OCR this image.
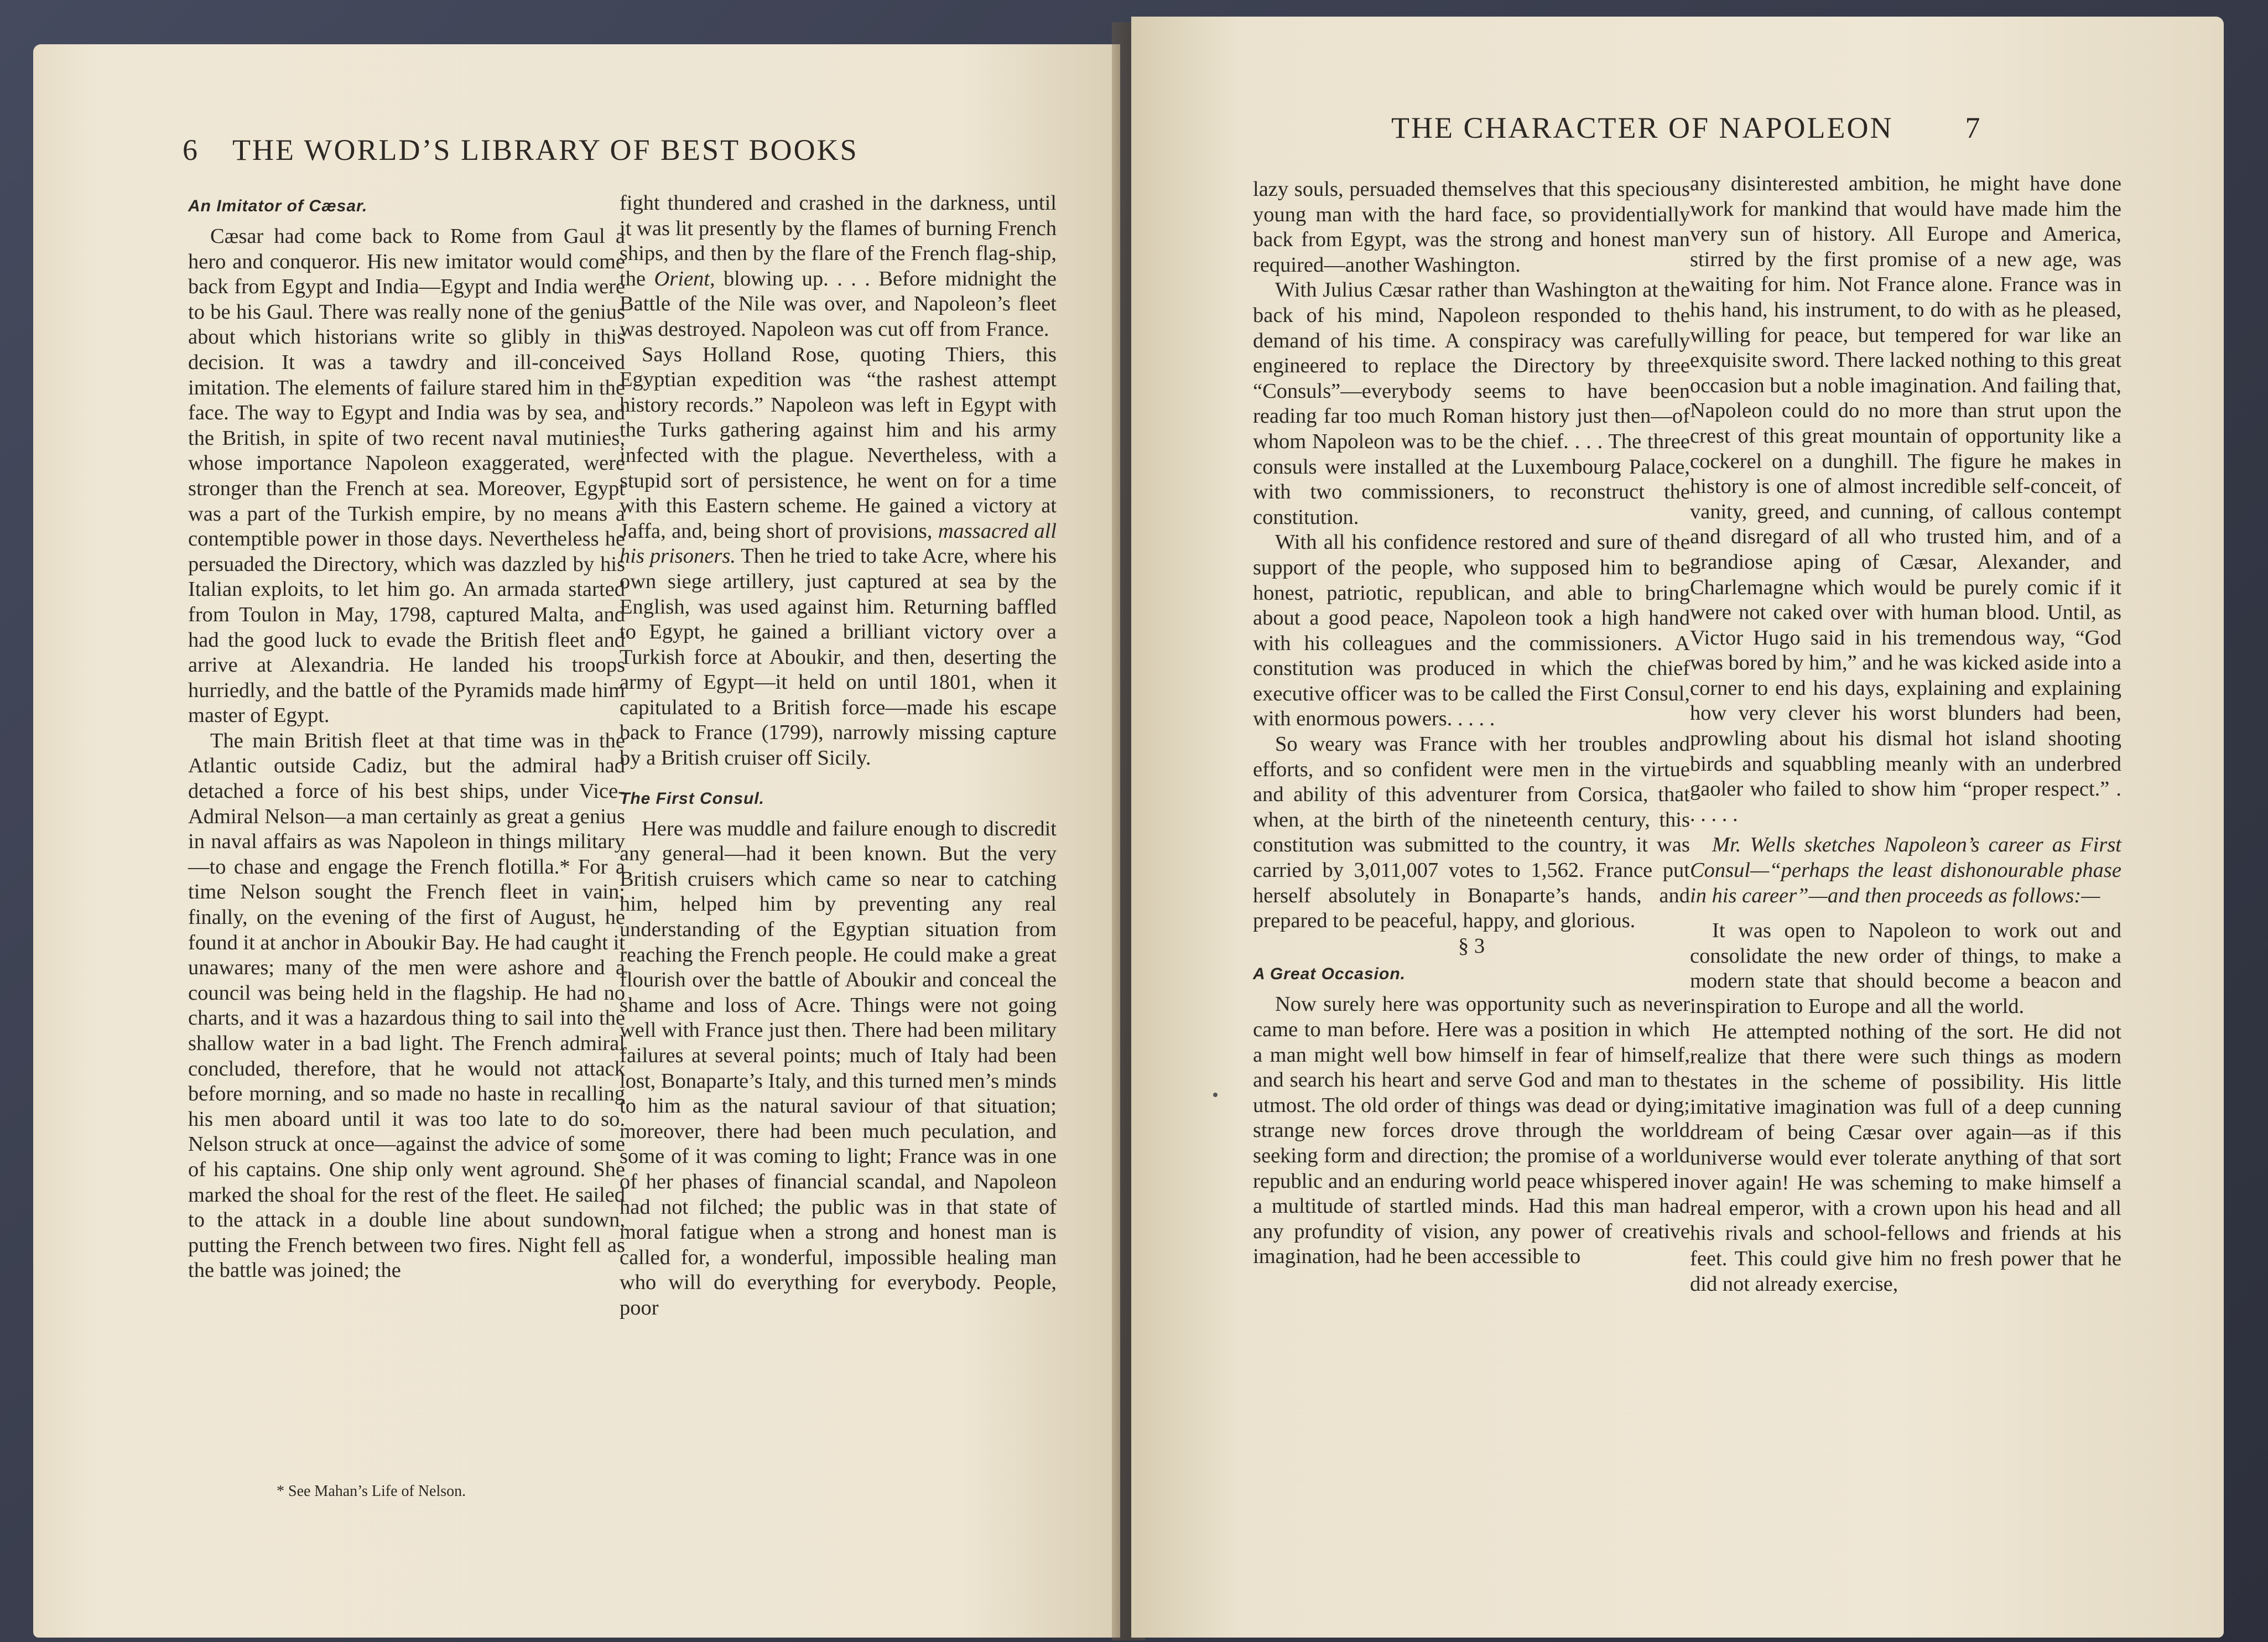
6 THE WORLD’S LIBRARY OF BEST BOOKS
An Imitator of Cæsar.

Cæsar had come back to Rome from Gaul a hero and conqueror. His new imitator would come back from Egypt and India—Egypt and India were to be his Gaul. There was really none of the genius about which historians write so glibly in this decision. It was a tawdry and ill-conceived imitation. The elements of failure stared him in the face. The way to Egypt and India was by sea, and the British, in spite of two recent naval mutinies, whose importance Napoleon exaggerated, were stronger than the French at sea. Moreover, Egypt was a part of the Turkish empire, by no means a contemptible power in those days. Nevertheless he persuaded the Directory, which was dazzled by his Italian exploits, to let him go. An armada started from Toulon in May, 1798, captured Malta, and had the good luck to evade the British fleet and arrive at Alexandria. He landed his troops hurriedly, and the battle of the Pyramids made him master of Egypt.

The main British fleet at that time was in the Atlantic outside Cadiz, but the admiral had detached a force of his best ships, under Vice-Admiral Nelson—a man certainly as great a genius in naval affairs as was Napoleon in things military—to chase and engage the French flotilla.* For a time Nelson sought the French fleet in vain; finally, on the evening of the first of August, he found it at anchor in Aboukir Bay. He had caught it unawares; many of the men were ashore and a council was being held in the flagship. He had no charts, and it was a hazardous thing to sail into the shallow water in a bad light. The French admiral concluded, therefore, that he would not attack before morning, and so made no haste in recalling his men aboard until it was too late to do so. Nelson struck at once—against the advice of some of his captains. One ship only went aground. She marked the shoal for the rest of the fleet. He sailed to the attack in a double line about sundown, putting the French between two fires. Night fell as the battle was joined; the

* See Mahan’s Life of Nelson.

fight thundered and crashed in the darkness, until it was lit presently by the flames of burning French ships, and then by the flare of the French flag-ship, the Orient, blowing up. . . . Before midnight the Battle of the Nile was over, and Napoleon’s fleet was destroyed. Napoleon was cut off from France.

Says Holland Rose, quoting Thiers, this Egyptian expedition was “the rashest attempt history records.” Napoleon was left in Egypt with the Turks gathering against him and his army infected with the plague. Nevertheless, with a stupid sort of persistence, he went on for a time with this Eastern scheme. He gained a victory at Jaffa, and, being short of provisions, massacred all his prisoners. Then he tried to take Acre, where his own siege artillery, just captured at sea by the English, was used against him. Returning baffled to Egypt, he gained a brilliant victory over a Turkish force at Aboukir, and then, deserting the army of Egypt—it held on until 1801, when it capitulated to a British force—made his escape back to France (1799), narrowly missing capture by a British cruiser off Sicily.

The First Consul.

Here was muddle and failure enough to discredit any general—had it been known. But the very British cruisers which came so near to catching him, helped him by preventing any real understanding of the Egyptian situation from reaching the French people. He could make a great flourish over the battle of Aboukir and conceal the shame and loss of Acre. Things were not going well with France just then. There had been military failures at several points; much of Italy had been lost, Bonaparte’s Italy, and this turned men’s minds to him as the natural saviour of that situation; moreover, there had been much peculation, and some of it was coming to light; France was in one of her phases of financial scandal, and Napoleon had not filched; the public was in that state of moral fatigue when a strong and honest man is called for, a wonderful, impossible healing man who will do everything for everybody. People, poor

THE CHARACTER OF NAPOLEON 7

lazy souls, persuaded themselves that this specious young man with the hard face, so providentially back from Egypt, was the strong and honest man required—another Washington.

With Julius Cæsar rather than Washington at the back of his mind, Napoleon responded to the demand of his time. A conspiracy was carefully engineered to replace the Directory by three “Consuls”—everybody seems to have been reading far too much Roman history just then—of whom Napoleon was to be the chief. . . . The three consuls were installed at the Luxembourg Palace, with two commissioners, to reconstruct the constitution.

With all his confidence restored and sure of the support of the people, who supposed him to be honest, patriotic, republican, and able to bring about a good peace, Napoleon took a high hand with his colleagues and the commissioners. A constitution was produced in which the chief executive officer was to be called the First Consul, with enormous powers. . . . .

So weary was France with her troubles and efforts, and so confident were men in the virtue and ability of this adventurer from Corsica, that when, at the birth of the nineteenth century, this constitution was submitted to the country, it was carried by 3,011,007 votes to 1,562. France put herself absolutely in Bonaparte’s hands, and prepared to be peaceful, happy, and glorious.

§ 3

A Great Occasion.

Now surely here was opportunity such as never came to man before. Here was a position in which a man might well bow himself in fear of himself, and search his heart and serve God and man to the utmost. The old order of things was dead or dying; strange new forces drove through the world seeking form and direction; the promise of a world republic and an enduring world peace whispered in a multitude of startled minds. Had this man had any profundity of vision, any power of creative imagination, had he been accessible to

any disinterested ambition, he might have done work for mankind that would have made him the very sun of history. All Europe and America, stirred by the first promise of a new age, was waiting for him. Not France alone. France was in his hand, his instrument, to do with as he pleased, willing for peace, but tempered for war like an exquisite sword. There lacked nothing to this great occasion but a noble imagination. And failing that, Napoleon could do no more than strut upon the crest of this great mountain of opportunity like a cockerel on a dunghill. The figure he makes in history is one of almost incredible self-conceit, of vanity, greed, and cunning, of callous contempt and disregard of all who trusted him, and of a grandiose aping of Cæsar, Alexander, and Charlemagne which would be purely comic if it were not caked over with human blood. Until, as Victor Hugo said in his tremendous way, “God was bored by him,” and he was kicked aside into a corner to end his days, explaining and explaining how very clever his worst blunders had been, prowling about his dismal hot island shooting birds and squabbling meanly with an underbred gaoler who failed to show him “proper respect.” . . . . . .

Mr. Wells sketches Napoleon’s career as First Consul—“perhaps the least dishonourable phase in his career”—and then proceeds as follows:—

It was open to Napoleon to work out and consolidate the new order of things, to make a modern state that should become a beacon and inspiration to Europe and all the world.

He attempted nothing of the sort. He did not realize that there were such things as modern states in the scheme of possibility. His little imitative imagination was full of a deep cunning dream of being Cæsar over again—as if this universe would ever tolerate anything of that sort over again! He was scheming to make himself a real emperor, with a crown upon his head and all his rivals and school-fellows and friends at his feet. This could give him no fresh power that he did not already exercise,
